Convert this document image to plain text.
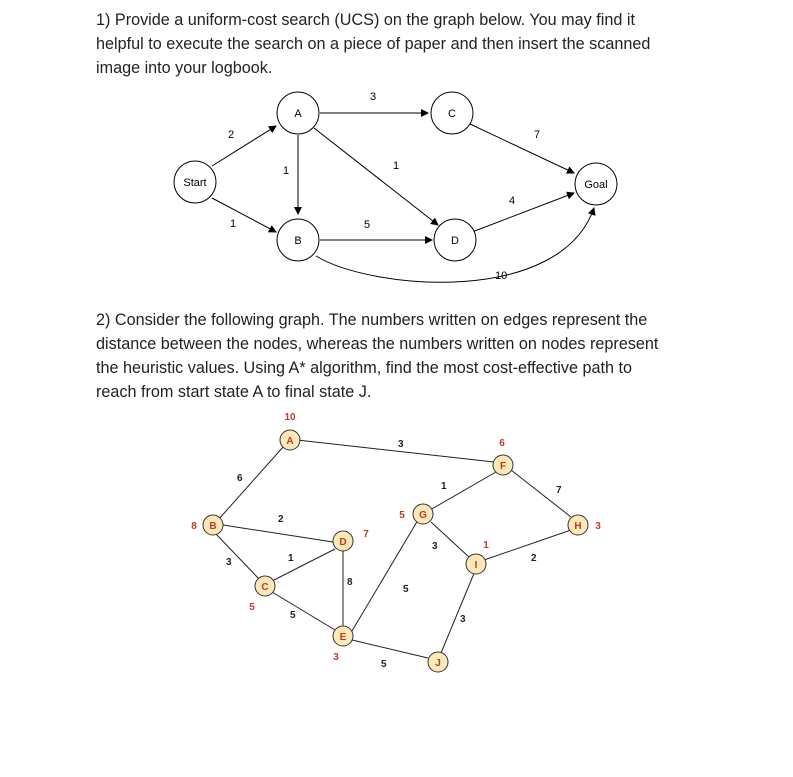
1) Provide a uniform-cost search (UCS) on the graph below. You may find it
helpful to execute the search on a piece of paper and then insert the scanned
image into your logbook.
2
1
1
3
1
5
7
4
10
Start
A
B
C
D
Goal
3
6
2
3	1
5
8
5
5
1	7
3
2
3
A
10
B
8
C
5
D
7
E
3
F
6
G
5
H 3
I
1
J
2) Consider the following graph. The numbers written on edges represent the
distance between the nodes, whereas the numbers written on nodes represent
the heuristic values. Using A* algorithm, find the most cost-effective path to
reach from start state A to final state J.
